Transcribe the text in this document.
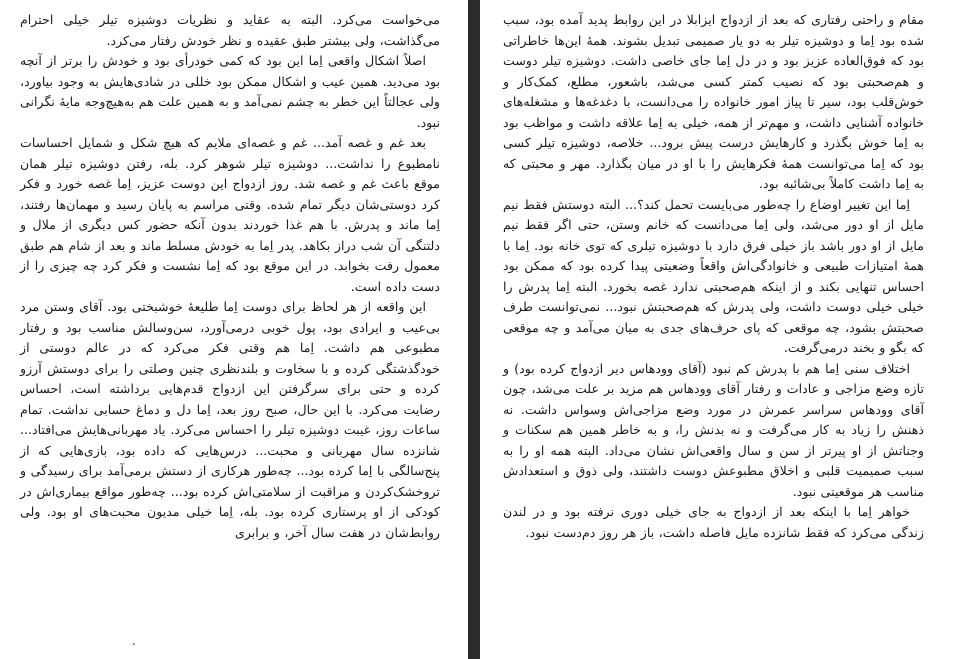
می‌خواست می‌کرد. البته به عقاید و نظریات دوشیزه تیلر خیلی احترام می‌گذاشت، ولی بیشتر طبق عقیده و نظر خودش رفتار می‌کرد.

اصلاً اشکال واقعی اِما این بود که کمی خودرأی بود و خودش را برتر از آنچه بود می‌دید. همین عیب و اشکال ممکن بود خللی در شادی‌هایش به وجود بیاورد، ولی عجالتاً این خطر به چشم نمی‌آمد و به همین علت هم به‌هیچ‌وجه مایهٔ نگرانی نبود.

بعد غم و غصه آمد... غم و غصه‌ای ملایم که هیچ شکل و شمایل احساسات نامطبوع را نداشت... دوشیزه تیلر شوهر کرد. بله، رفتن دوشیزه تیلر همان موقع باعث غم و غصه شد. روز ازدواج این دوست عزیز، اِما غصه خورد و فکر کرد دوستی‌شان دیگر تمام شده. وقتی مراسم به پایان رسید و مهمان‌ها رفتند، اِما ماند و پدرش. با هم غذا خوردند بدون آنکه حضور کس دیگری از ملال و دلتنگی آن شب دراز بکاهد. پدر اِما به خودش مسلط ماند و بعد از شام هم طبق معمول رفت بخوابد. در این موقع بود که اِما نشست و فکر کرد چه چیزی را از دست داده است.

این واقعه از هر لحاظ برای دوست اِما طلیعهٔ خوشبختی بود. آقای وستن مرد بی‌عیب و ایرادی بود، پول خوبی درمی‌آورد، سن‌وسالش مناسب بود و رفتار مطبوعی هم داشت. اِما هم وقتی فکر می‌کرد که در عالم دوستی از خودگذشتگی کرده و با سخاوت و بلندنظری چنین وصلتی را برای دوستش آرزو کرده و حتی برای سرگرفتن این ازدواج قدم‌هایی برداشته است، احساس رضایت می‌کرد. با این حال، صبح روز بعد، اِما دل و دماغ حسابی نداشت. تمام ساعات روز، غیبت دوشیزه تیلر را احساس می‌کرد. یاد مهربانی‌هایش می‌افتاد... شانزده سال مهربانی و محبت... درس‌هایی که داده بود، بازی‌هایی که از پنج‌سالگی با اِما کرده بود... چه‌طور هرکاری از دستش برمی‌آمد برای رسیدگی و ترو‌خشک‌کردن و مراقبت از سلامتی‌اش کرده بود... چه‌طور مواقع بیماری‌اش در کودکی از او پرستاری کرده بود. بله، اِما خیلی مدیون محبت‌های او بود. ولی روابط‌شان در هفت سال آخر، و برابری

مقام و راحتی رفتاری که بعد از ازدواج ایزابلا در این روابط پدید آمده بود، سبب شده بود اِما و دوشیزه تیلر به دو یار صمیمی تبدیل بشوند. همهٔ این‌ها خاطراتی بود که فوق‌العاده عزیز بود و در دل اِما جای خاصی داشت. دوشیزه تیلر دوست و هم‌صحبتی بود که نصیب کمتر کسی می‌شد، باشعور، مطلع، کمک‌کار و خوش‌قلب بود، سیر تا پیاز امور خانواده را می‌دانست، با دغدغه‌ها و مشغله‌های خانواده آشنایی داشت، و مهم‌تر از همه، خیلی به اِما علاقه داشت و مواظب بود به اِما خوش بگذرد و کارهایش درست پیش برود... خلاصه، دوشیزه تیلر کسی بود که اِما می‌توانست همهٔ فکرهایش را با او در میان بگذارد. مهر و محبتی که به اِما داشت کاملاً بی‌شائبه بود.

اِما این تغییر اوضاع را چه‌طور می‌بایست تحمل کند؟... البته دوستش فقط نیم مایل از او دور می‌شد، ولی اِما می‌دانست که خانم وستن، حتی اگر فقط نیم مایل از او دور باشد باز خیلی فرق دارد با دوشیزه تیلری که توی خانه بود. اِما با همهٔ امتیازات طبیعی و خانوادگی‌اش واقعاً وضعیتی پیدا کرده بود که ممکن بود احساس تنهایی بکند و از اینکه هم‌صحبتی ندارد غصه بخورد. البته اِما پدرش را خیلی خیلی دوست داشت، ولی پدرش که هم‌صحبتش نبود... نمی‌توانست طرف صحبتش بشود، چه موقعی که پای حرف‌های جدی به میان می‌آمد و چه موقعی که بگو و بخند درمی‌گرفت.

اختلاف سنی اِما هم با پدرش کم نبود (آقای وودهاس دیر ازدواج کرده بود) و تازه وضع مزاجی و عادات و رفتار آقای وودهاس هم مزید بر علت می‌شد، چون آقای وودهاس سراسر عمرش در مورد وضع مزاجی‌اش وسواس داشت. نه ذهنش را زیاد به کار می‌گرفت و نه بدنش را، و به خاطر همین هم سکنات و وجناتش از او پیرتر از سن و سال واقعی‌اش نشان می‌داد. البته همه او را به سبب صمیمیت قلبی و اخلاق مطبوعش دوست داشتند، ولی ذوق و استعدادش مناسب هر موقعیتی نبود.

خواهر اِما با اینکه بعد از ازدواج به جای خیلی دوری نرفته بود و در لندن زندگی می‌کرد که فقط شانزده مایل فاصله داشت، باز هر روز دم‌دست نبود.

.
